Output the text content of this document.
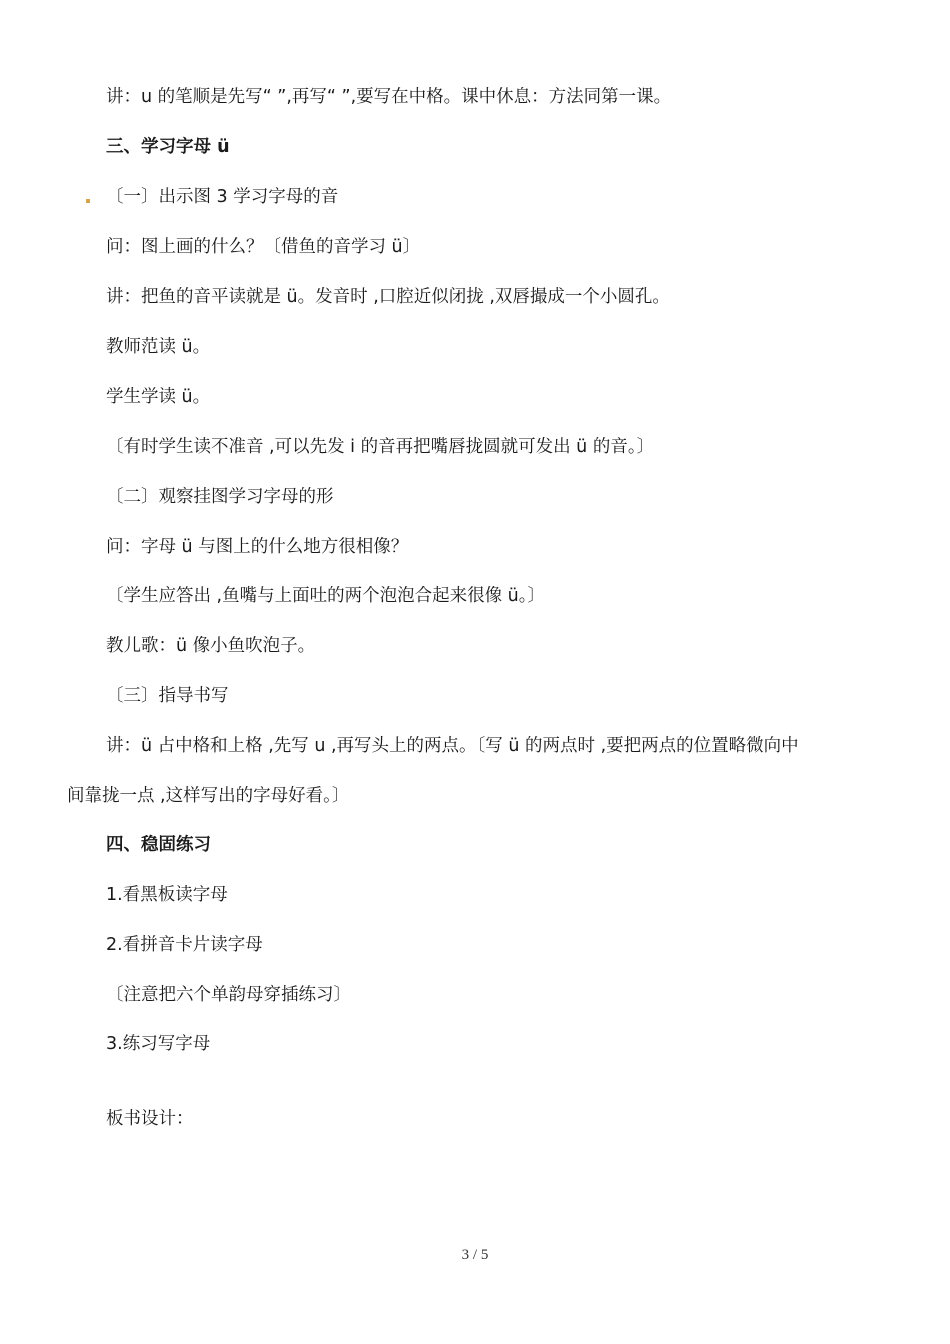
讲：u 的笔顺是先写“ ”,再写“ ”,要写在中格。课中休息：方法同第一课。
三、学习字母 ü
〔一〕出示图 3 学习字母的音
问：图上画的什么？〔借鱼的音学习 ü〕
讲：把鱼的音平读就是 ü。发音时 ,口腔近似闭拢 ,双唇撮成一个小圆孔。
教师范读 ü。
学生学读 ü。
〔有时学生读不准音 ,可以先发 i 的音再把嘴唇拢圆就可发出 ü 的音。〕
〔二〕观察挂图学习字母的形
问：字母 ü 与图上的什么地方很相像？
〔学生应答出 ,鱼嘴与上面吐的两个泡泡合起来很像 ü。〕
教儿歌：ü 像小鱼吹泡子。
〔三〕指导书写
讲：ü 占中格和上格 ,先写 u ,再写头上的两点。〔写 ü 的两点时 ,要把两点的位置略微向中
间靠拢一点 ,这样写出的字母好看。〕
四、稳固练习
1.看黑板读字母
2.看拼音卡片读字母
〔注意把六个单韵母穿插练习〕
3.练习写字母
板书设计：
3 / 5
